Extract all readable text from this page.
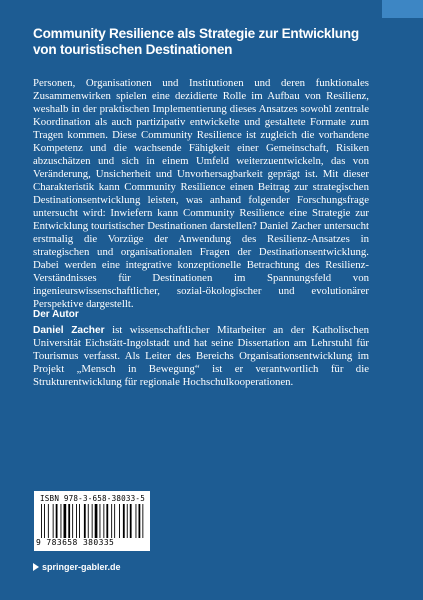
Community Resilience als Strategie zur Entwicklung von touristischen Destinationen

Personen, Organisationen und Institutionen und deren funktionales Zusammenwirken spielen eine dezidierte Rolle im Aufbau von Resilienz, weshalb in der praktischen Implementierung dieses Ansatzes sowohl zentrale Koordination als auch partizipativ entwickelte und gestaltete Formate zum Tragen kommen. Diese Community Resilience ist zugleich die vorhandene Kompetenz und die wachsende Fähigkeit einer Gemeinschaft, Risiken abzuschätzen und sich in einem Umfeld weiterzuentwickeln, das von Veränderung, Unsicherheit und Unvorhersagbarkeit geprägt ist. Mit dieser Charakteristik kann Community Resilience einen Beitrag zur strategischen Destinationsentwicklung leisten, was anhand folgender Forschungsfrage untersucht wird: Inwiefern kann Community Resilience eine Strategie zur Entwicklung touristischer Destinationen darstellen? Daniel Zacher untersucht erstmalig die Vorzüge der Anwendung des Resilienz-Ansatzes in strategischen und organisationalen Fragen der Destinationsentwicklung. Dabei werden eine integrative konzeptionelle Betrachtung des Resilienz-Verständnisses für Destinationen im Spannungsfeld von ingenieurswissenschaftlicher, sozial-ökologischer und evolutionärer Perspektive dargestellt.

Der Autor

Daniel Zacher ist wissenschaftlicher Mitarbeiter an der Katholischen Universität Eichstätt-Ingolstadt und hat seine Dissertation am Lehrstuhl für Tourismus verfasst. Als Leiter des Bereichs Organisationsentwicklung im Projekt „Mensch in Bewegung“ ist er verantwortlich für die Strukturentwicklung für regionale Hochschulkooperationen.

ISBN 978-3-658-38033-5
9 783658 380335
springer-gabler.de
